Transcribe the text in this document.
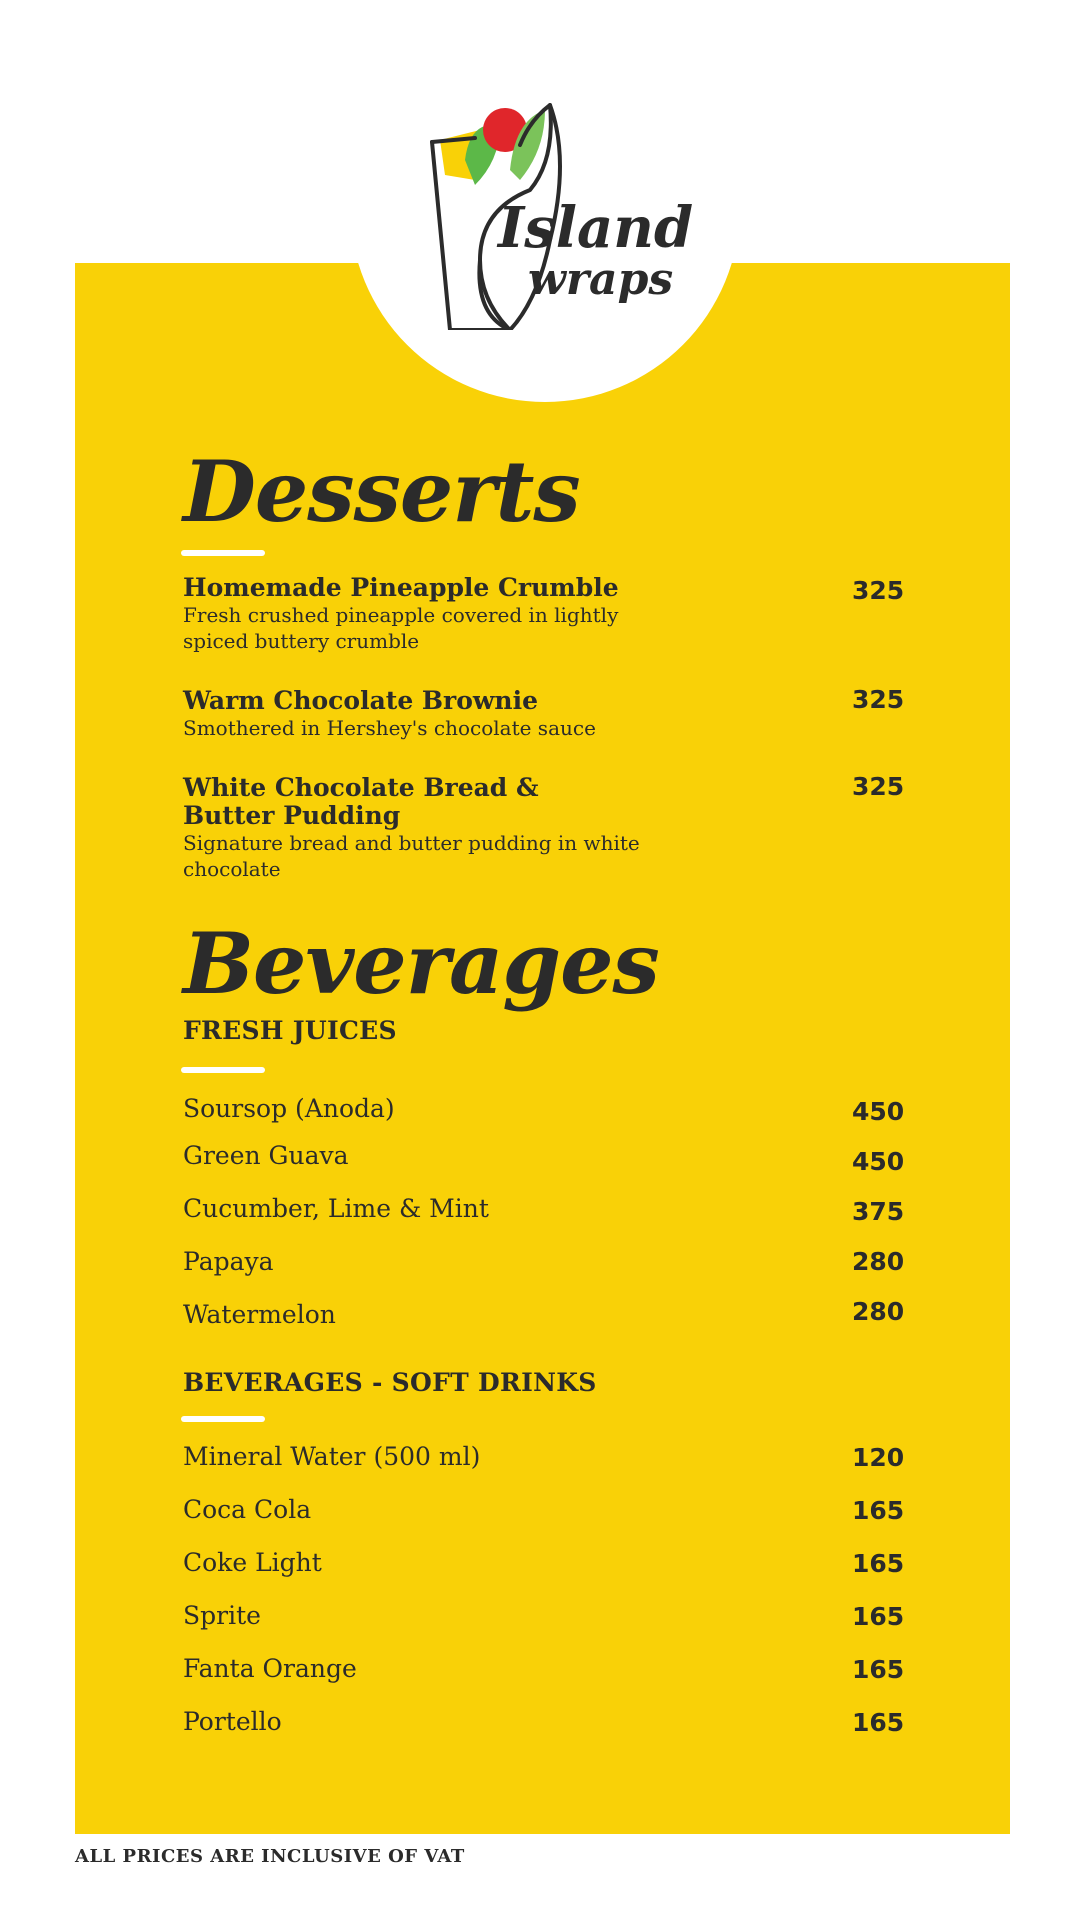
Island
wraps
Desserts
Homemade Pineapple Crumble
Fresh crushed pineapple covered in lightly spiced buttery crumble
325
Warm Chocolate Brownie
Smothered in Hershey's chocolate sauce
325
White Chocolate Bread & Butter Pudding
Signature bread and butter pudding in white chocolate
325
Beverages
FRESH JUICES
Soursop (Anoda)	450
Green Guava	450
Cucumber, Lime & Mint	375
Papaya	280
Watermelon	280
BEVERAGES - SOFT DRINKS
Mineral Water (500 ml)	120
Coca Cola	165
Coke Light	165
Sprite	165
Fanta Orange	165
Portello	165
ALL PRICES ARE INCLUSIVE OF VAT
